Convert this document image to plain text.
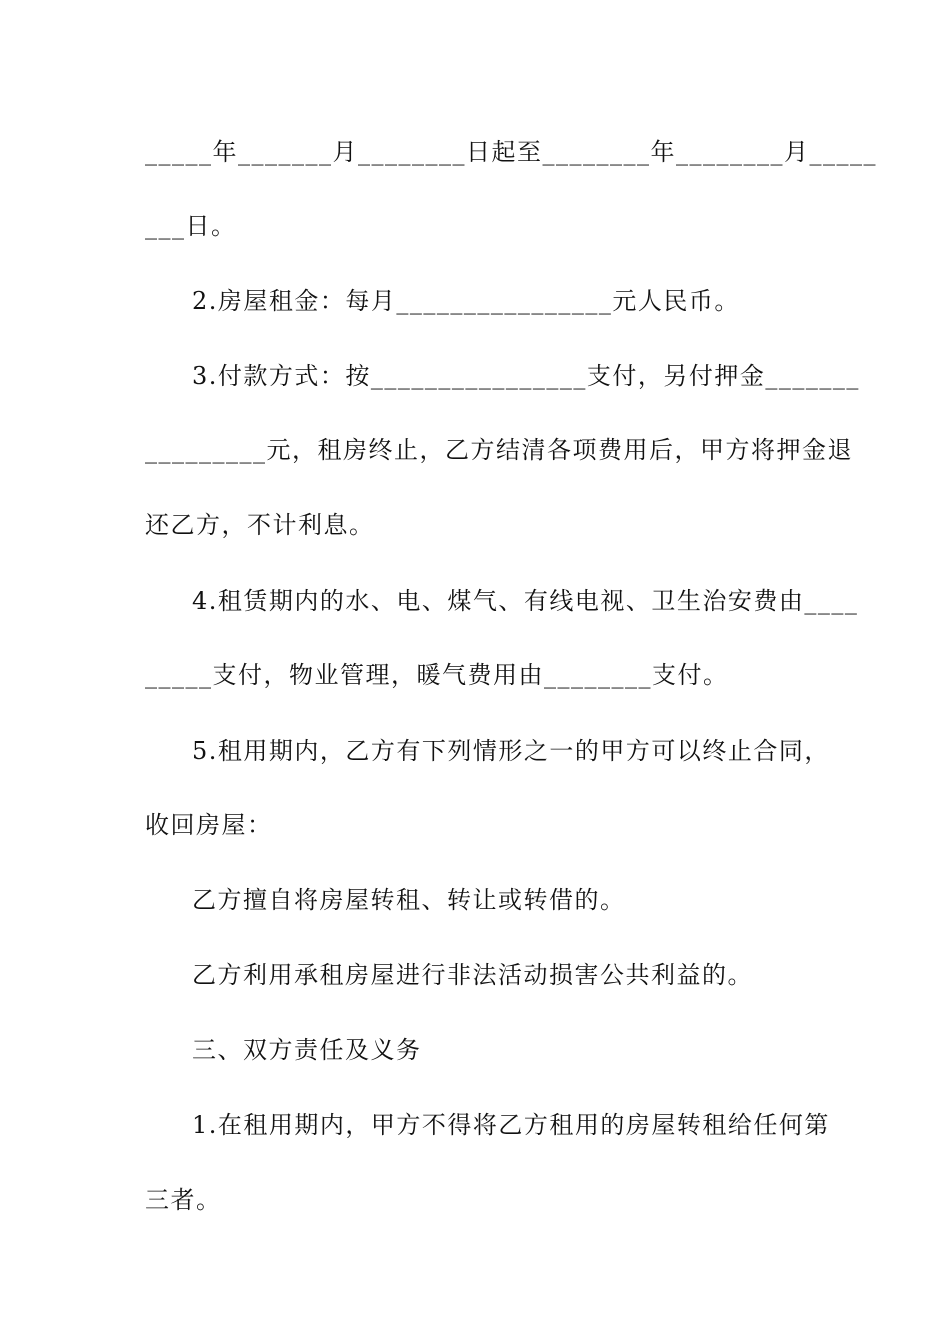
_____年_______月________日起至________年________月_____
___日。
2.房屋租金：每月________________元人民币。
3.付款方式：按________________支付，另付押金_______
_________元，租房终止，乙方结清各项费用后，甲方将押金退
还乙方，不计利息。
4.租赁期内的水、电、煤气、有线电视、卫生治安费由____
_____支付，物业管理，暖气费用由________支付。
5.租用期内，乙方有下列情形之一的甲方可以终止合同，
收回房屋：
乙方擅自将房屋转租、转让或转借的。
乙方利用承租房屋进行非法活动损害公共利益的。
三、双方责任及义务
1.在租用期内，甲方不得将乙方租用的房屋转租给任何第
三者。
